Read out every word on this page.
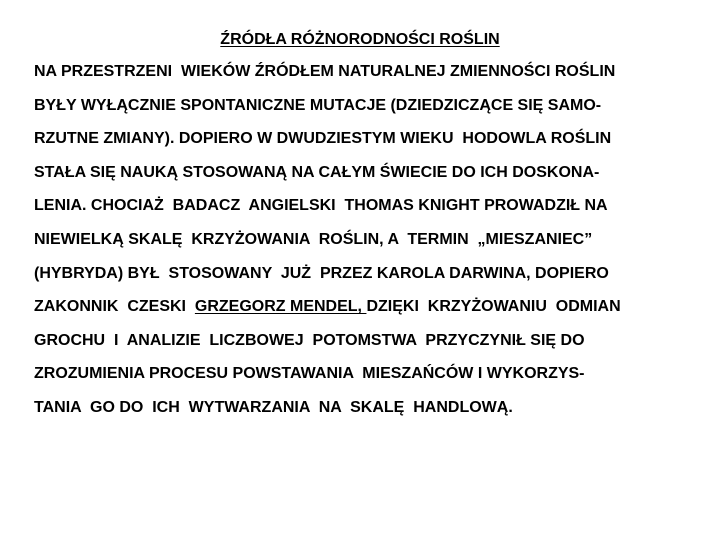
ŹRÓDŁA RÓŻNORODNOŚCI ROŚLIN
NA PRZESTRZENI  WIEKÓW ŹRÓDŁEM NATURALNEJ ZMIENNOŚCI ROŚLIN
BYŁY WYŁĄCZNIE SPONTANICZNE MUTACJE (DZIEDZICZĄCE SIĘ SAMO-
RZUTNE ZMIANY). DOPIERO W DWUDZIESTYM WIEKU  HODOWLA ROŚLIN
STAŁA SIĘ NAUKĄ STOSOWANĄ NA CAŁYM ŚWIECIE DO ICH DOSKONA-
LENIA. CHOCIAŻ  BADACZ  ANGIELSKI  THOMAS KNIGHT PROWADZIŁ NA
NIEWIELKĄ SKALĘ  KRZYŻOWANIA  ROŚLIN, A  TERMIN  „MIESZANIEC”
(HYBRYDA) BYŁ  STOSOWANY  JUŻ  PRZEZ KAROLA DARWINA, DOPIERO
ZAKONNIK  CZESKI  GRZEGORZ MENDEL, DZIĘKI  KRZYŻOWANIU  ODMIAN
GROCHU  I  ANALIZIE  LICZBOWEJ  POTOMSTWA  PRZYCZYNIŁ SIĘ DO
ZROZUMIENIA PROCESU POWSTAWANIA  MIESZAŃCÓW I WYKORZYS-
TANIA  GO DO  ICH  WYTWARZANIA  NA  SKALĘ  HANDLOWĄ.
